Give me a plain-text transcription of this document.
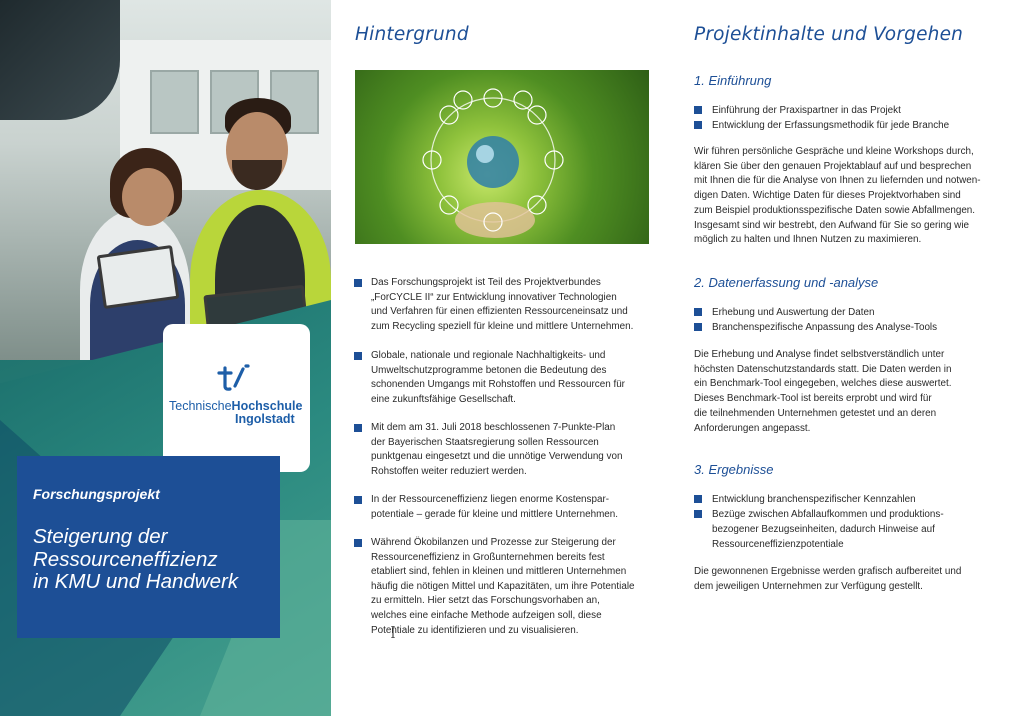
TechnischeHochschule
Ingolstadt
Forschungsprojekt
Steigerung der
Ressourceneffizienz
in KMU und Handwerk
Hintergrund
Das Forschungsprojekt ist Teil des Projektverbundes
„ForCYCLE II“ zur Entwicklung innovativer Technologien
und Verfahren für einen effizienten Ressourceneinsatz und
zum Recycling speziell für kleine und mittlere Unternehmen.
Globale, nationale und regionale Nachhaltigkeits- und
Umweltschutzprogramme betonen die Bedeutung des
schonenden Umgangs mit Rohstoffen und Ressourcen für
eine zukunftsfähige Gesellschaft.
Mit dem am 31. Juli 2018 beschlossenen 7-Punkte-Plan
der Bayerischen Staatsregierung sollen Ressourcen
punktgenau eingesetzt und die unnötige Verwendung von
Rohstoffen weiter reduziert werden.
In der Ressourceneffizienz liegen enorme Kostenspar-
potentiale – gerade für kleine und mittlere Unternehmen.
Während Ökobilanzen und Prozesse zur Steigerung der
Ressourceneffizienz in Großunternehmen bereits fest
etabliert sind, fehlen in kleinen und mittleren Unternehmen
häufig die nötigen Mittel und Kapazitäten, um ihre Potentiale
zu ermitteln. Hier setzt das Forschungsvorhaben an,
welches eine einfache Methode aufzeigen soll, diese
Potentiale zu identifizieren und zu visualisieren.
Projektinhalte und Vorgehen
1. Einführung
Einführung der Praxispartner in das Projekt
Entwicklung der Erfassungsmethodik für jede Branche
Wir führen persönliche Gespräche und kleine Workshops durch,
klären Sie über den genauen Projektablauf auf und besprechen
mit Ihnen die für die Analyse von Ihnen zu liefernden und notwen-
digen Daten. Wichtige Daten für dieses Projektvorhaben sind
zum Beispiel produktionsspezifische Daten sowie Abfallmengen.
Insgesamt sind wir bestrebt, den Aufwand für Sie so gering wie
möglich zu halten und Ihnen Nutzen zu maximieren.
2. Datenerfassung und -analyse
Erhebung und Auswertung der Daten
Branchenspezifische Anpassung des Analyse-Tools
Die Erhebung und Analyse findet selbstverständlich unter
höchsten Datenschutzstandards statt. Die Daten werden in
ein Benchmark-Tool eingegeben, welches diese auswertet.
Dieses Benchmark-Tool ist bereits erprobt und wird für
die teilnehmenden Unternehmen getestet und an deren
Anforderungen angepasst.
3. Ergebnisse
Entwicklung branchenspezifischer Kennzahlen
Bezüge zwischen Abfallaufkommen und produktions-
bezogener Bezugseinheiten, dadurch Hinweise auf
Ressourceneffizienzpotentiale
Die gewonnenen Ergebnisse werden grafisch aufbereitet und
dem jeweiligen Unternehmen zur Verfügung gestellt.
